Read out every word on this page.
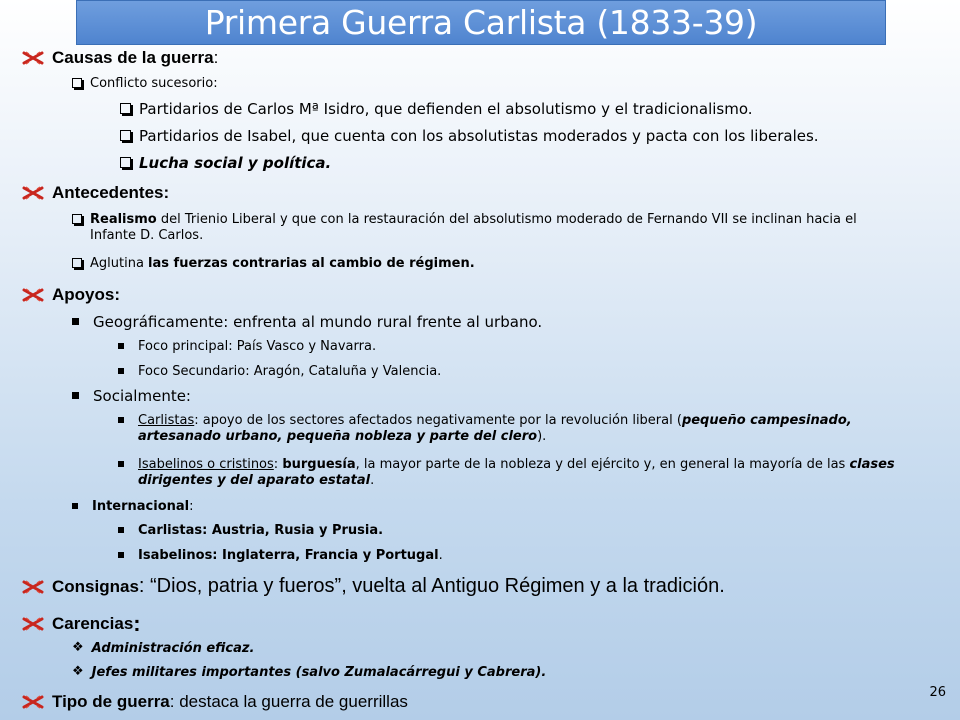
Primera Guerra Carlista (1833-39)
Causas de la guerra :
Conflicto sucesorio:
Partidarios de Carlos Mª Isidro, que defienden el absolutismo y el tradicionalismo.
Partidarios de Isabel, que cuenta con los absolutistas moderados y pacta con los liberales.
Lucha social y política.
Antecedentes:
Realismo del Trienio Liberal y que con la restauración del absolutismo moderado de Fernando VII se inclinan hacia el Infante D. Carlos.
Aglutina las fuerzas contrarias al cambio de régimen.
Apoyos:
Geográficamente: enfrenta al mundo rural frente al urbano.
Foco principal: País Vasco y Navarra.
Foco Secundario: Aragón, Cataluña y Valencia.
Socialmente:
Carlistas: apoyo de los sectores afectados negativamente por la revolución liberal (pequeño campesinado, artesanado urbano, pequeña nobleza y parte del clero).
Isabelinos o cristinos: burguesía, la mayor parte de la nobleza y del ejército y, en general la mayoría de las clases dirigentes y del aparato estatal.
Internacional:
Carlistas: Austria, Rusia y Prusia.
Isabelinos: Inglaterra, Francia y Portugal.
Consignas : “Dios, patria y fueros”, vuelta al Antiguo Régimen y a la tradición.
Carencias :
❖ Administración eficaz.
❖ Jefes militares importantes (salvo Zumalacárregui y Cabrera).
Tipo de guerra : destaca la guerra de guerrillas	26
